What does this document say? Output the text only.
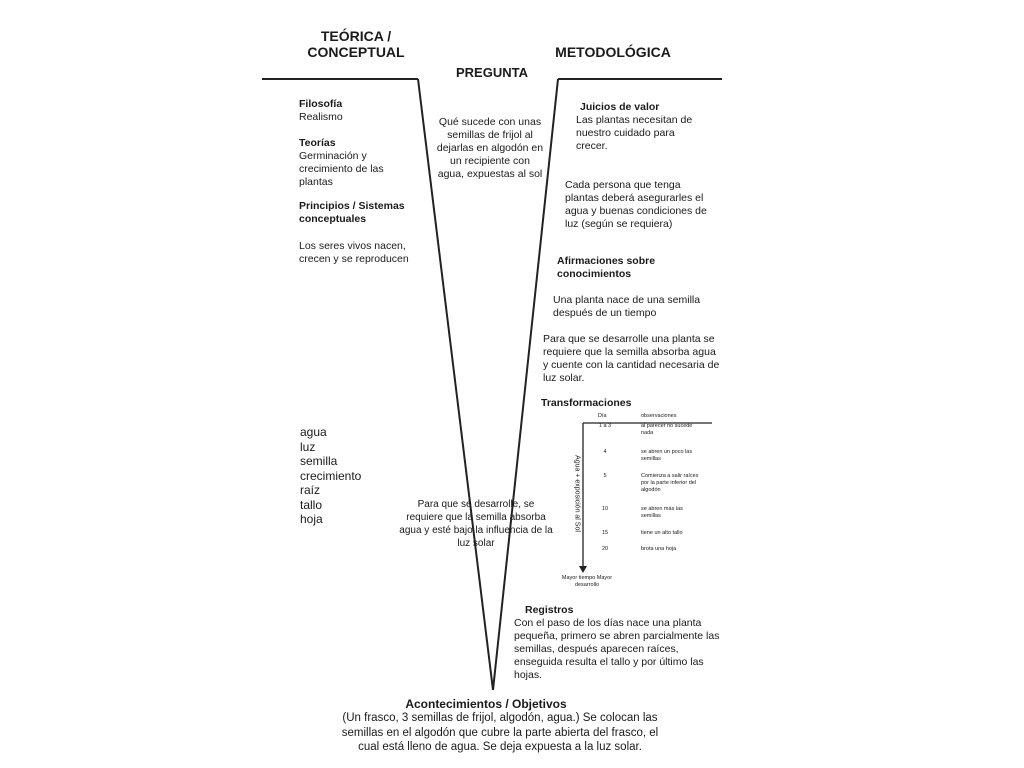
TEÓRICA / CONCEPTUAL	METODOLÓGICA
PREGUNTA
Qué sucede con unas semillas de frijol al dejarlas en algodón en un recipiente con agua, expuestas al sol
Filosofía
Realismo
Teorías
Germinación y crecimiento de las plantas
Principios / Sistemas conceptuales
Los seres vivos nacen, crecen y se reproducen
agua
luz
semilla
crecimiento
raíz
tallo
hoja
Para que se desarrolle, se requiere que la semilla absorba agua y esté bajo la influencia de la luz solar
Juicios de valor
Las plantas necesitan de nuestro cuidado para crecer.
Cada persona que tenga plantas deberá asegurarles el agua y buenas condiciones de luz (según se requiera)
Afirmaciones sobre conocimientos
Una planta nace de una semilla después de un tiempo
Para que se desarrolle una planta se requiere que la semilla absorba agua y cuente con la cantidad necesaria de luz solar.
Transformaciones
Día	observaciones
1 a 3	al parecer no sucede nada
4	se abren un poco las semillas
5	Comienza a salir raíces por la parte inferior del algodón
10	se abren más las semillas
15	tiene un alto tallo
20	brota una hoja
Agua + exposición al Sol
Mayor tiempo Mayor desarrollo
Registros
Con el paso de los días nace una planta pequeña, primero se abren parcialmente las semillas, después aparecen raíces, enseguida resulta el tallo y por último las hojas.
Acontecimientos / Objetivos
(Un frasco, 3 semillas de frijol, algodón, agua.) Se colocan las semillas en el algodón que cubre la parte abierta del frasco, el cual está lleno de agua. Se deja expuesta a la luz solar.
